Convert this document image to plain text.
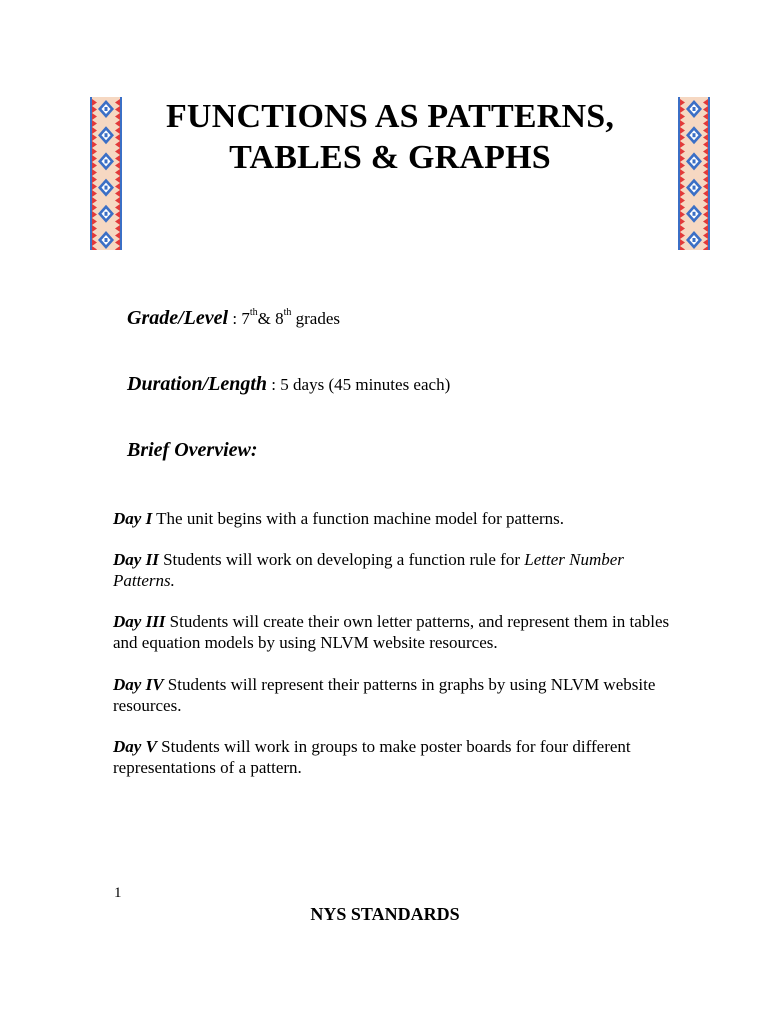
FUNCTIONS AS PATTERNS,
TABLES & GRAPHS
Grade/Level : 7th& 8th grades
Duration/Length : 5 days (45 minutes each)
Brief Overview:
Day I The unit begins with a function machine model for patterns.
Day II Students will work on developing a function rule for Letter Number Patterns.
Day III Students will create their own letter patterns, and represent them in tables and equation models by using NLVM website resources.
Day IV Students will represent their patterns in graphs by using NLVM website resources.
Day V Students will work in groups to make poster boards for four different representations of a pattern.
1
NYS STANDARDS
